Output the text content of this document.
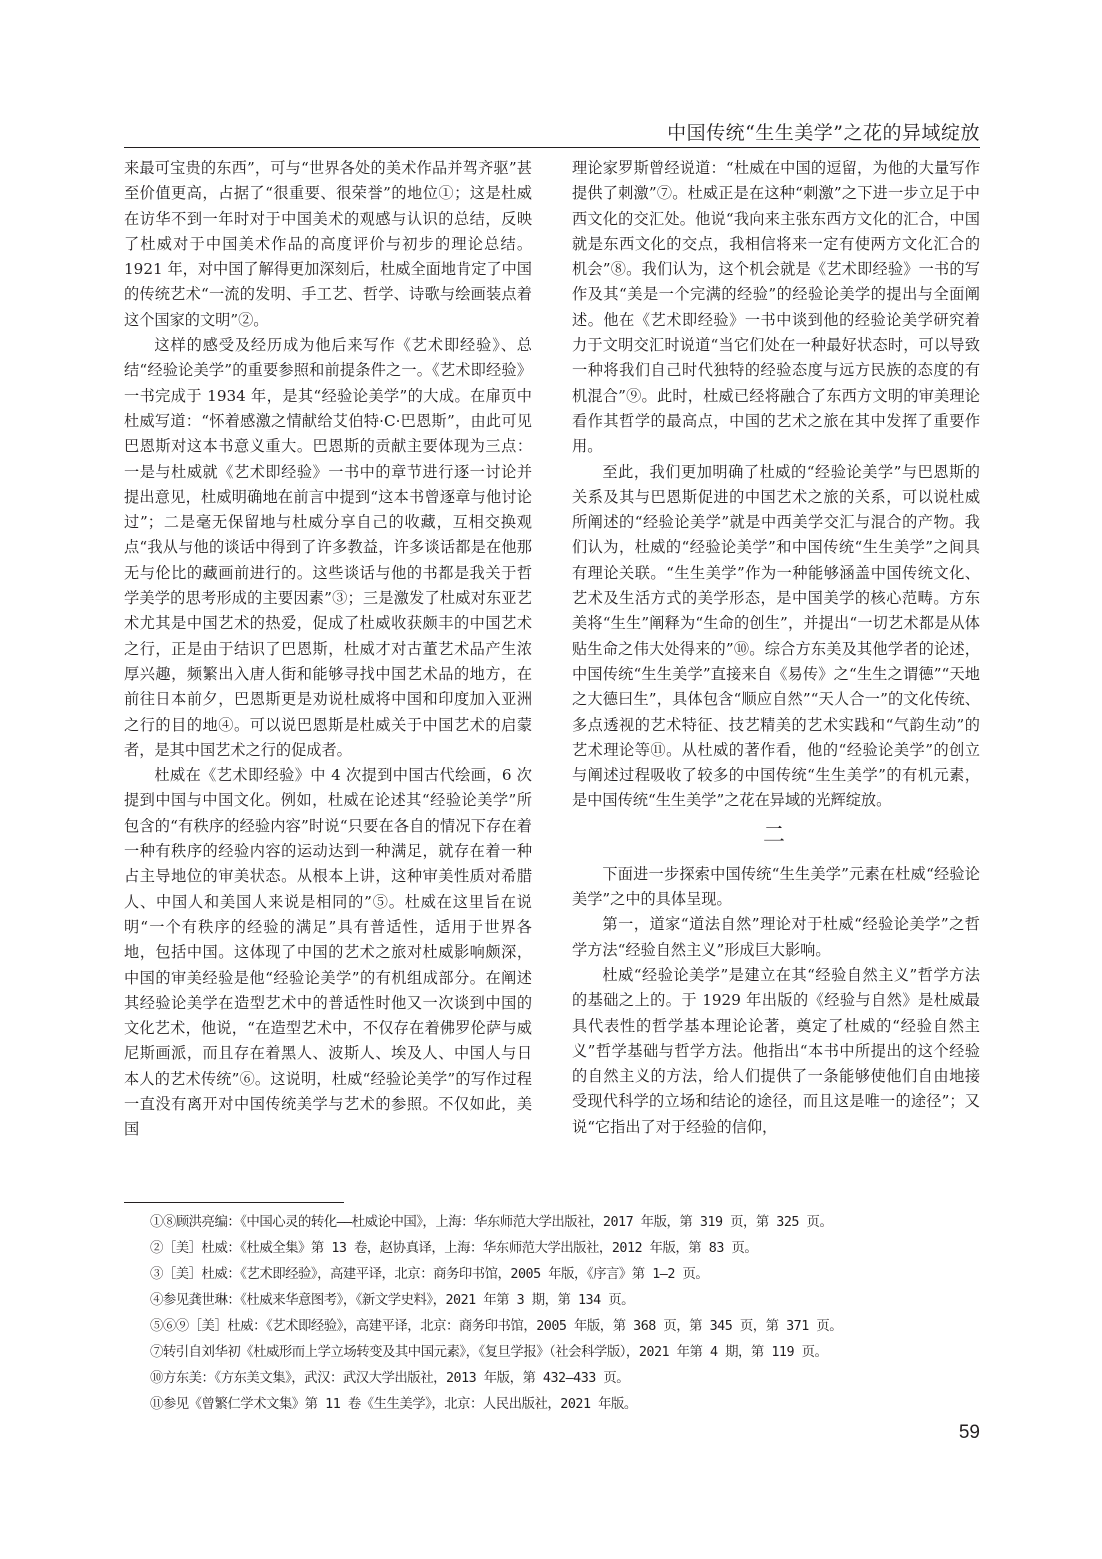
中国传统“生生美学”之花的异域绽放

来最可宝贵的东西”，可与“世界各处的美术作品并驾齐驱”甚至价值更高，占据了“很重要、很荣誉”的地位①；这是杜威在访华不到一年时对于中国美术的观感与认识的总结，反映了杜威对于中国美术作品的高度评价与初步的理论总结。1921 年，对中国了解得更加深刻后，杜威全面地肯定了中国的传统艺术“一流的发明、手工艺、哲学、诗歌与绘画装点着这个国家的文明”②。

这样的感受及经历成为他后来写作《艺术即经验》、总结“经验论美学”的重要参照和前提条件之一。《艺术即经验》一书完成于 1934 年，是其“经验论美学”的大成。在扉页中杜威写道：“怀着感激之情献给艾伯特·C·巴恩斯”，由此可见巴恩斯对这本书意义重大。巴恩斯的贡献主要体现为三点：一是与杜威就《艺术即经验》一书中的章节进行逐一讨论并提出意见，杜威明确地在前言中提到“这本书曾逐章与他讨论过”；二是毫无保留地与杜威分享自己的收藏，互相交换观点“我从与他的谈话中得到了许多教益，许多谈话都是在他那无与伦比的藏画前进行的。这些谈话与他的书都是我关于哲学美学的思考形成的主要因素”③；三是激发了杜威对东亚艺术尤其是中国艺术的热爱，促成了杜威收获颇丰的中国艺术之行，正是由于结识了巴恩斯，杜威才对古董艺术品产生浓厚兴趣，频繁出入唐人街和能够寻找中国艺术品的地方，在前往日本前夕，巴恩斯更是劝说杜威将中国和印度加入亚洲之行的目的地④。可以说巴恩斯是杜威关于中国艺术的启蒙者，是其中国艺术之行的促成者。

杜威在《艺术即经验》中 4 次提到中国古代绘画，6 次提到中国与中国文化。例如，杜威在论述其“经验论美学”所包含的“有秩序的经验内容”时说“只要在各自的情况下存在着一种有秩序的经验内容的运动达到一种满足，就存在着一种占主导地位的审美状态。从根本上讲，这种审美性质对希腊人、中国人和美国人来说是相同的”⑤。杜威在这里旨在说明“一个有秩序的经验的满足”具有普适性，适用于世界各地，包括中国。这体现了中国的艺术之旅对杜威影响颇深，中国的审美经验是他“经验论美学”的有机组成部分。在阐述其经验论美学在造型艺术中的普适性时他又一次谈到中国的文化艺术，他说，“在造型艺术中，不仅存在着佛罗伦萨与威尼斯画派，而且存在着黑人、波斯人、埃及人、中国人与日本人的艺术传统”⑥。这说明，杜威“经验论美学”的写作过程一直没有离开对中国传统美学与艺术的参照。不仅如此，美国

理论家罗斯曾经说道：“杜威在中国的逗留，为他的大量写作提供了刺激”⑦。杜威正是在这种“刺激”之下进一步立足于中西文化的交汇处。他说“我向来主张东西方文化的汇合，中国就是东西文化的交点，我相信将来一定有使两方文化汇合的机会”⑧。我们认为，这个机会就是《艺术即经验》一书的写作及其“美是一个完满的经验”的经验论美学的提出与全面阐述。他在《艺术即经验》一书中谈到他的经验论美学研究着力于文明交汇时说道“当它们处在一种最好状态时，可以导致一种将我们自己时代独特的经验态度与远方民族的态度的有机混合”⑨。此时，杜威已经将融合了东西方文明的审美理论看作其哲学的最高点，中国的艺术之旅在其中发挥了重要作用。

至此，我们更加明确了杜威的“经验论美学”与巴恩斯的关系及其与巴恩斯促进的中国艺术之旅的关系，可以说杜威所阐述的“经验论美学”就是中西美学交汇与混合的产物。我们认为，杜威的“经验论美学”和中国传统“生生美学”之间具有理论关联。“生生美学”作为一种能够涵盖中国传统文化、艺术及生活方式的美学形态，是中国美学的核心范畴。方东美将“生生”阐释为“生命的创生”，并提出“一切艺术都是从体贴生命之伟大处得来的”⑩。综合方东美及其他学者的论述，中国传统“生生美学”直接来自《易传》之“生生之谓德”“天地之大德曰生”，具体包含“顺应自然”“天人合一”的文化传统、多点透视的艺术特征、技艺精美的艺术实践和“气韵生动”的艺术理论等⑪。从杜威的著作看，他的“经验论美学”的创立与阐述过程吸收了较多的中国传统“生生美学”的有机元素，是中国传统“生生美学”之花在异域的光辉绽放。

二

下面进一步探索中国传统“生生美学”元素在杜威“经验论美学”之中的具体呈现。

第一，道家“道法自然”理论对于杜威“经验论美学”之哲学方法“经验自然主义”形成巨大影响。

杜威“经验论美学”是建立在其“经验自然主义”哲学方法的基础之上的。于 1929 年出版的《经验与自然》是杜威最具代表性的哲学基本理论论著，奠定了杜威的“经验自然主义”哲学基础与哲学方法。他指出“本书中所提出的这个经验的自然主义的方法，给人们提供了一条能够使他们自由地接受现代科学的立场和结论的途径，而且这是唯一的途径”；又说“它指出了对于经验的信仰，

①⑧顾洪亮编：《中国心灵的转化——杜威论中国》，上海：华东师范大学出版社，2017 年版，第 319 页，第 325 页。

②［美］杜威：《杜威全集》第 13 卷，赵协真译，上海：华东师范大学出版社，2012 年版，第 83 页。

③［美］杜威：《艺术即经验》，高建平译，北京：商务印书馆，2005 年版，《序言》第 1–2 页。

④参见龚世琳：《杜威来华意图考》，《新文学史料》，2021 年第 3 期，第 134 页。

⑤⑥⑨［美］杜威：《艺术即经验》，高建平译，北京：商务印书馆，2005 年版，第 368 页，第 345 页，第 371 页。

⑦转引自刘华初《杜威形而上学立场转变及其中国元素》，《复旦学报》（社会科学版），2021 年第 4 期，第 119 页。

⑩方东美：《方东美文集》，武汉：武汉大学出版社，2013 年版，第 432–433 页。

⑪参见《曾繁仁学术文集》第 11 卷《生生美学》，北京：人民出版社，2021 年版。

59
